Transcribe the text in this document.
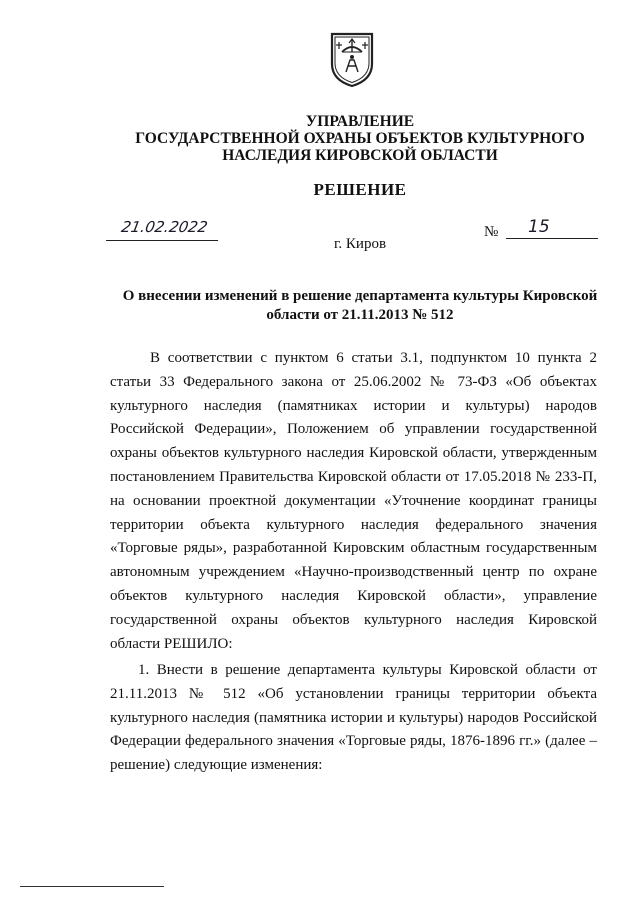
УПРАВЛЕНИЕ
ГОСУДАРСТВЕННОЙ ОХРАНЫ ОБЪЕКТОВ КУЛЬТУРНОГО
НАСЛЕДИЯ КИРОВСКОЙ ОБЛАСТИ
РЕШЕНИЕ
21.02.2022	№	15
г. Киров
О внесении изменений в решение департамента культуры Кировской области от 21.11.2013 № 512
В соответствии с пунктом 6 статьи 3.1, подпунктом 10 пункта 2 статьи 33 Федерального закона от 25.06.2002 № 73-ФЗ «Об объектах культурного наследия (памятниках истории и культуры) народов Российской Федерации», Положением об управлении государственной охраны объектов культурного наследия Кировской области, утвержденным постановлением Правительства Кировской области от 17.05.2018 № 233-П, на основании проектной документации «Уточнение координат границы территории объекта культурного наследия федерального значения «Торговые ряды», разработанной Кировским областным государственным автономным учреждением «Научно-производственный центр по охране объектов культурного наследия Кировской области», управление государственной охраны объектов культурного наследия Кировской области РЕШИЛО:
1. Внести в решение департамента культуры Кировской области от 21.11.2013 № 512 «Об установлении границы территории объекта культурного наследия (памятника истории и культуры) народов Российской Федерации федерального значения «Торговые ряды, 1876-1896 гг.» (далее – решение) следующие изменения:
